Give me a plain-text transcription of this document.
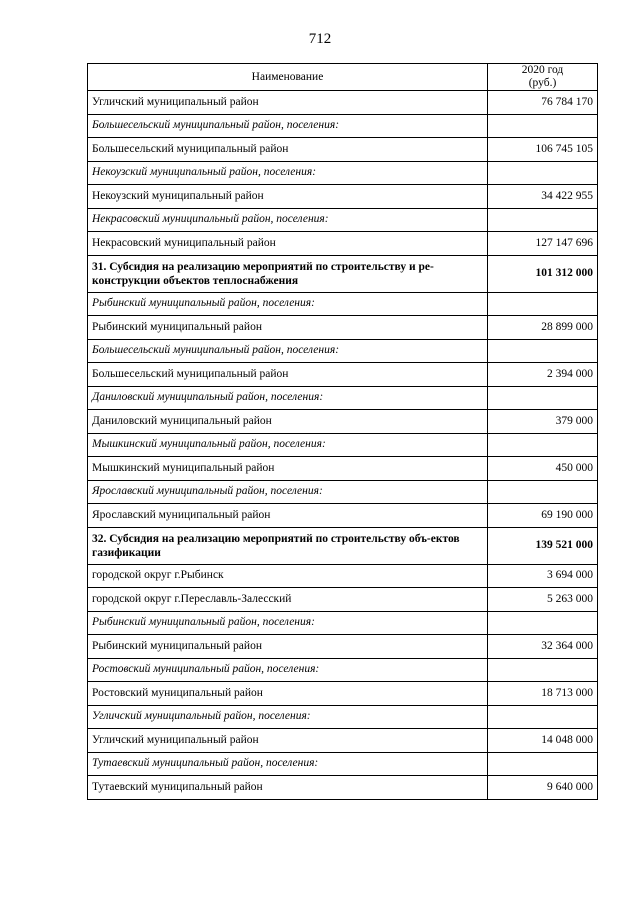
712
Наименование	2020 год
(руб.)
Угличский муниципальный район	76 784 170
Большесельский муниципальный район, поселения:	
Большесельский муниципальный район	106 745 105
Некоузский муниципальный район, поселения:	
Некоузский муниципальный район	34 422 955
Некрасовский муниципальный район, поселения:	
Некрасовский муниципальный район	127 147 696
31. Субсидия на реализацию мероприятий по строительству и ре-конструкции объектов теплоснабжения	101 312 000
Рыбинский муниципальный район, поселения:	
Рыбинский муниципальный район	28 899 000
Большесельский муниципальный район, поселения:	
Большесельский муниципальный район	2 394 000
Даниловский муниципальный район, поселения:	
Даниловский муниципальный район	379 000
Мышкинский муниципальный район, поселения:	
Мышкинский муниципальный район	450 000
Ярославский муниципальный район, поселения:	
Ярославский муниципальный район	69 190 000
32. Субсидия на реализацию мероприятий по строительству объ-ектов газификации	139 521 000
городской округ г.Рыбинск	3 694 000
городской округ г.Переславль-Залесский	5 263 000
Рыбинский муниципальный район, поселения:	
Рыбинский муниципальный район	32 364 000
Ростовский муниципальный район, поселения:	
Ростовский муниципальный район	18 713 000
Угличский муниципальный район, поселения:	
Угличский муниципальный район	14 048 000
Тутаевский муниципальный район, поселения:	
Тутаевский муниципальный район	9 640 000
